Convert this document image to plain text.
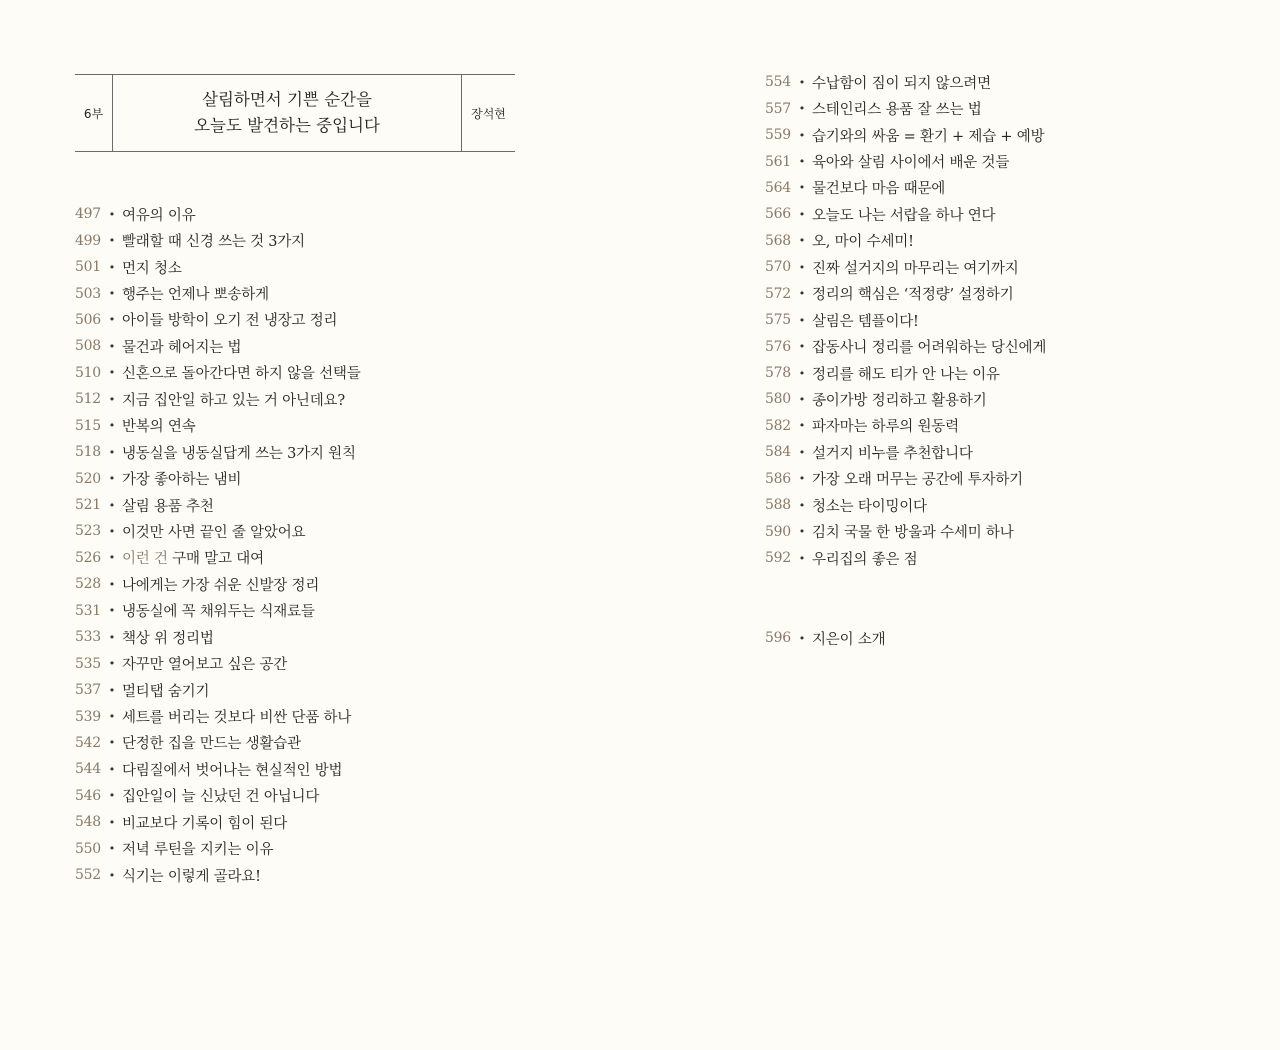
6부
살림하면서 기쁜 순간을
오늘도 발견하는 중입니다
장석현
497 • 여유의 이유
499 • 빨래할 때 신경 쓰는 것 3가지
501 • 먼지 청소
503 • 행주는 언제나 뽀송하게
506 • 아이들 방학이 오기 전 냉장고 정리
508 • 물건과 헤어지는 법
510 • 신혼으로 돌아간다면 하지 않을 선택들
512 • 지금 집안일 하고 있는 거 아닌데요?
515 • 반복의 연속
518 • 냉동실을 냉동실답게 쓰는 3가지 원칙
520 • 가장 좋아하는 냄비
521 • 살림 용품 추천
523 • 이것만 사면 끝인 줄 알았어요
526 • 이런 건 구매 말고 대여
528 • 나에게는 가장 쉬운 신발장 정리
531 • 냉동실에 꼭 채워두는 식재료들
533 • 책상 위 정리법
535 • 자꾸만 열어보고 싶은 공간
537 • 멀티탭 숨기기
539 • 세트를 버리는 것보다 비싼 단품 하나
542 • 단정한 집을 만드는 생활습관
544 • 다림질에서 벗어나는 현실적인 방법
546 • 집안일이 늘 신났던 건 아닙니다
548 • 비교보다 기록이 힘이 된다
550 • 저녁 루틴을 지키는 이유
552 • 식기는 이렇게 골라요!
554 • 수납함이 짐이 되지 않으려면
557 • 스테인리스 용품 잘 쓰는 법
559 • 습기와의 싸움 = 환기 + 제습 + 예방
561 • 육아와 살림 사이에서 배운 것들
564 • 물건보다 마음 때문에
566 • 오늘도 나는 서랍을 하나 연다
568 • 오, 마이 수세미!
570 • 진짜 설거지의 마무리는 여기까지
572 • 정리의 핵심은 ‘적정량’ 설정하기
575 • 살림은 템플이다!
576 • 잡동사니 정리를 어려워하는 당신에게
578 • 정리를 해도 티가 안 나는 이유
580 • 종이가방 정리하고 활용하기
582 • 파자마는 하루의 원동력
584 • 설거지 비누를 추천합니다
586 • 가장 오래 머무는 공간에 투자하기
588 • 청소는 타이밍이다
590 • 김치 국물 한 방울과 수세미 하나
592 • 우리집의 좋은 점
596 • 지은이 소개
